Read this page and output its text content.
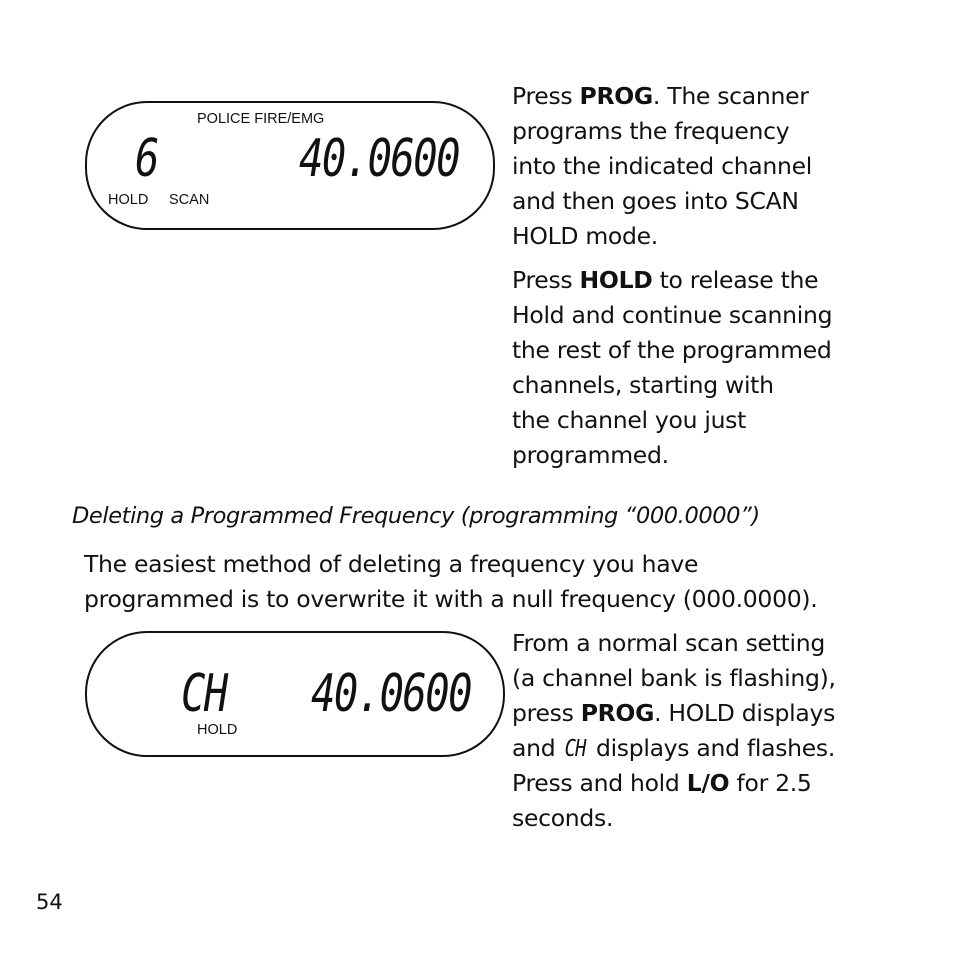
POLICE FIRE/EMG
6	40.0600
HOLD SCAN
Press PROG. The scanner
programs the frequency
into the indicated channel
and then goes into SCAN
HOLD mode.
Press HOLD to release the
Hold and continue scanning
the rest of the programmed
channels, starting with
the channel you just
programmed.
Deleting a Programmed Frequency (programming “000.0000”)
The easiest method of deleting a frequency you have
programmed is to overwrite it with a null frequency (000.0000).
CH 40.0600
HOLD
From a normal scan setting
(a channel bank is flashing),
press PROG. HOLD displays
and CH displays and flashes.
Press and hold L/O for 2.5
seconds.
54
